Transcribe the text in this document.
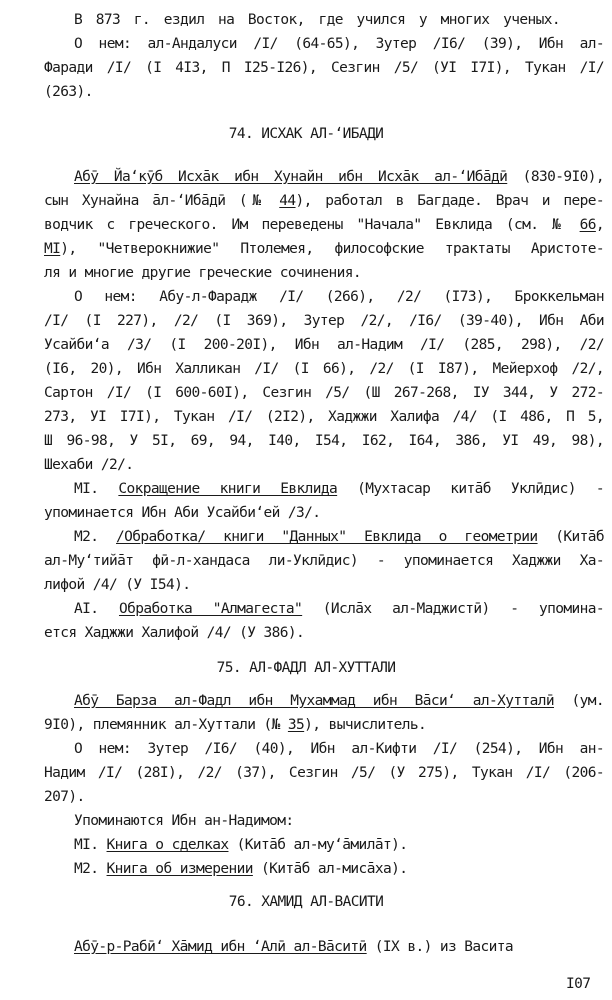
В 873 г. ездил на Восток, где учился у многих ученых.
О нем: ал-Андалуси /I/ (64-65), Зутер /I6/ (39), Ибн ал-
Фаради /I/ (I 4I3, П I25-I26), Сезгин /5/ (УI I7I), Тукан /I/
(263).
74. ИСХАК АЛ-ʻИБАДИ
Абӯ Йаʻкӯб Исхāк ибн Хунайн ибн Исхāк ал-ʻИбāдӣ (830-9I0),
сын Хунайна āл-ʻИбāдӣ (№ 44), работал в Багдаде. Врач и пере-
водчик с греческого. Им переведены "Начала" Евклида (см. № 66,
МI), "Четверокнижие" Птолемея, философские трактаты Аристоте-
ля и многие другие греческие сочинения.
О нем: Абу-л-Фарадж /I/ (266), /2/ (I73), Броккельман
/I/ (I 227), /2/ (I 369), Зутер /2/, /I6/ (39-40), Ибн Аби
Усайбиʻа /3/ (I 200-20I), Ибн ал-Надим /I/ (285, 298), /2/
(I6, 20), Ибн Халликан /I/ (I 66), /2/ (I I87), Мейерхоф /2/,
Сартон /I/ (I 600-60I), Сезгин /5/ (Ш 267-268, IУ 344, У 272-
273, УI I7I), Тукан /I/ (2I2), Хаджжи Халифа /4/ (I 486, П 5,
Ш 96-98, У 5I, 69, 94, I40, I54, I62, I64, 386, УI 49, 98),
Шехаби /2/.
MI. Сокращение книги Евклида (Мухтасар китāб Уклӣдис) -
упоминается Ибн Аби Усайбиʻей /3/.
M2. /Обработка/ книги "Данных" Евклида о геометрии (Китāб
ал-Муʻтийāт фӣ-л-хандаса ли-Уклӣдис) - упоминается Хаджжи Ха-
лифой /4/ (У I54).
AI. Обработка "Алмагеста" (Ислāх ал-Маджистӣ) - упомина-
ется Хаджжи Халифой /4/ (У 386).
75. АЛ-ФАДЛ АЛ-ХУТТАЛИ
Абӯ Барза ал-Фадл ибн Мухаммад ибн Вāсиʻ ал-Хутталӣ (ум.
9I0), племянник ал-Хуттали (№ 35), вычислитель.
О нем: Зутер /I6/ (40), Ибн ал-Кифти /I/ (254), Ибн ан-
Надим /I/ (28I), /2/ (37), Сезгин /5/ (У 275), Тукан /I/ (206-
207).
Упоминаются Ибн ан-Надимом:
MI. Книга о сделках (Китāб ал-муʻāмилāт).
M2. Книга об измерении (Китāб ал-мисāха).
76. ХАМИД АЛ-ВАСИТИ
Абӯ-р-Рабӣʻ Хāмид ибн ʻАлӣ ал-Вāситӣ (IX в.) из Васита
I07
